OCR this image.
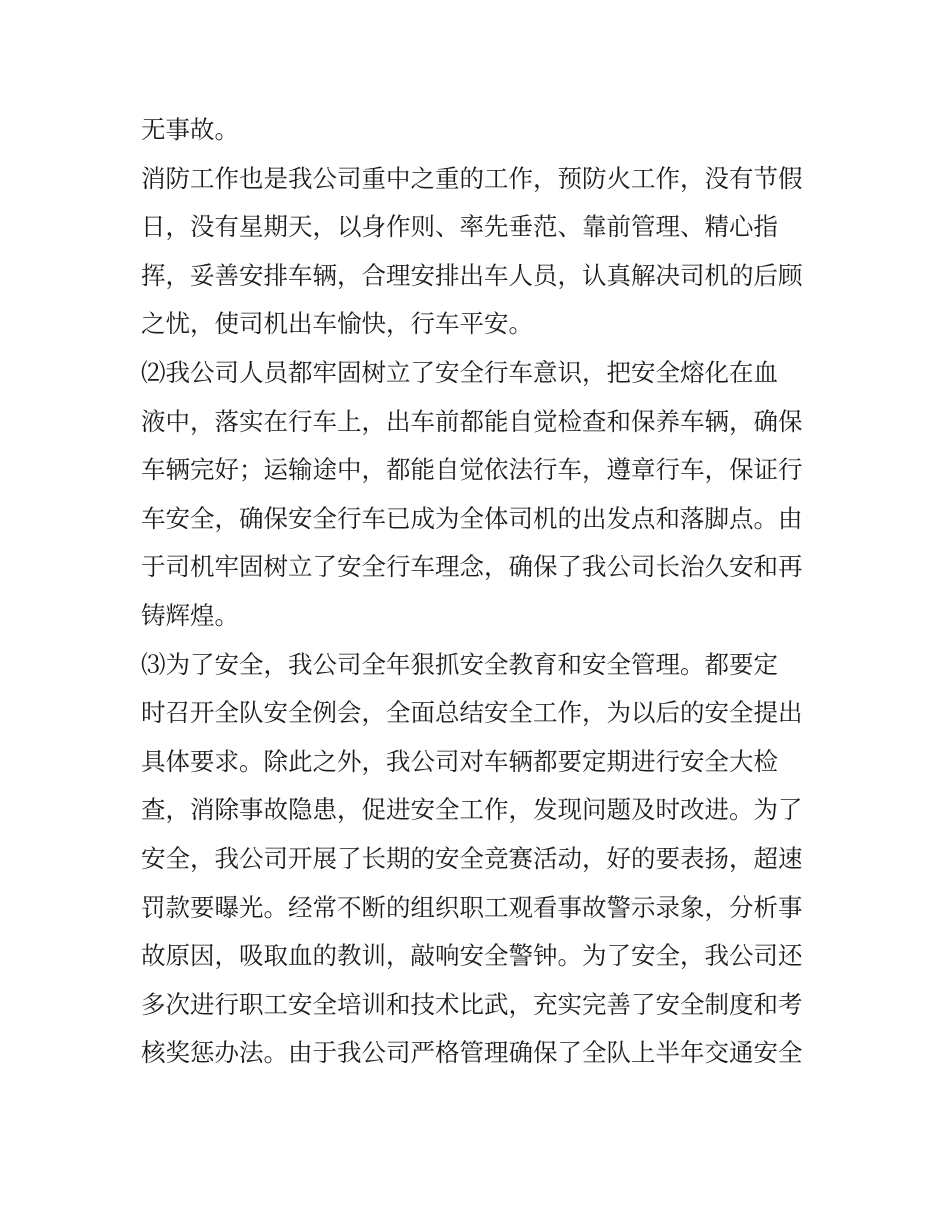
无事故。

消防工作也是我公司重中之重的工作，预防火工作，没有节假

日，没有星期天，以身作则、率先垂范、靠前管理、精心指

挥，妥善安排车辆，合理安排出车人员，认真解决司机的后顾

之忧，使司机出车愉快，行车平安。

⑵我公司人员都牢固树立了安全行车意识，把安全熔化在血

液中，落实在行车上，出车前都能自觉检查和保养车辆，确保

车辆完好；运输途中，都能自觉依法行车，遵章行车，保证行

车安全，确保安全行车已成为全体司机的出发点和落脚点。由

于司机牢固树立了安全行车理念，确保了我公司长治久安和再

铸辉煌。

⑶为了安全，我公司全年狠抓安全教育和安全管理。都要定

时召开全队安全例会，全面总结安全工作，为以后的安全提出

具体要求。除此之外，我公司对车辆都要定期进行安全大检

查，消除事故隐患，促进安全工作，发现问题及时改进。为了

安全，我公司开展了长期的安全竞赛活动，好的要表扬，超速

罚款要曝光。经常不断的组织职工观看事故警示录象，分析事

故原因，吸取血的教训，敲响安全警钟。为了安全，我公司还

多次进行职工安全培训和技术比武，充实完善了安全制度和考

核奖惩办法。由于我公司严格管理确保了全队上半年交通安全
